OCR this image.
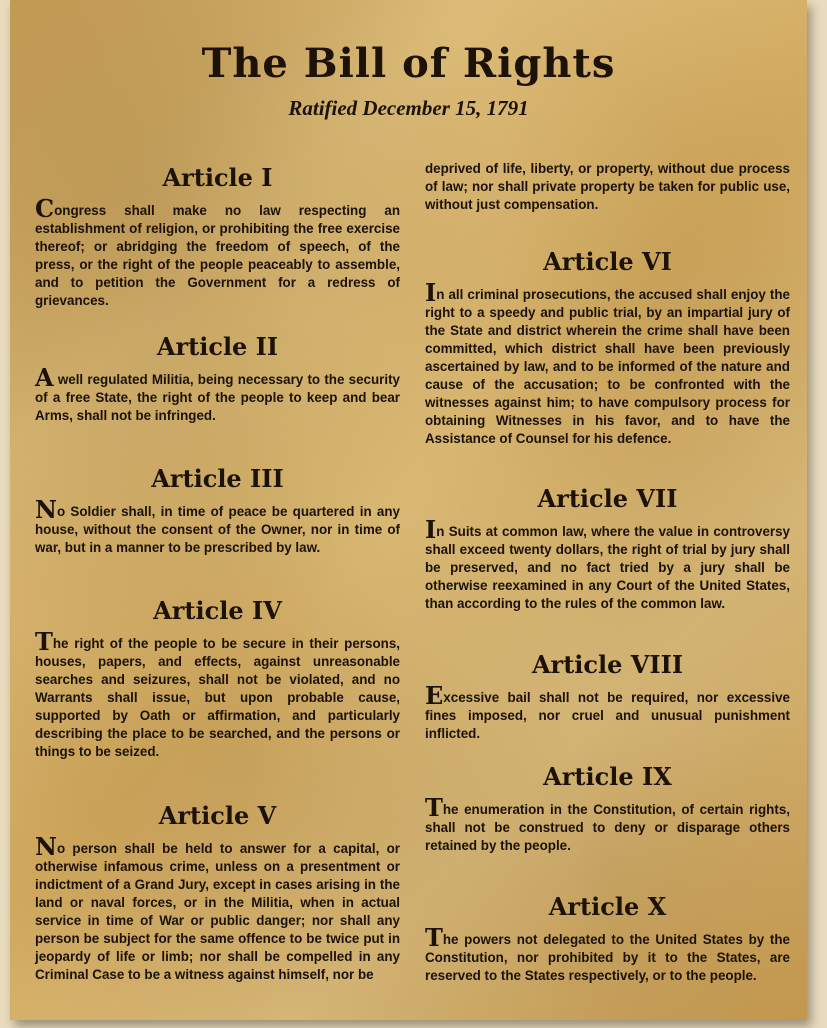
The Bill of Rights

Ratified December 15, 1791

Article I

Congress shall make no law respecting an establishment of religion, or prohibiting the free exercise thereof; or abridging the freedom of speech, of the press, or the right of the people peaceably to assemble, and to petition the Government for a redress of grievances.

Article II

A well regulated Militia, being necessary to the security of a free State, the right of the people to keep and bear Arms, shall not be infringed.

Article III

No Soldier shall, in time of peace be quartered in any house, without the consent of the Owner, nor in time of war, but in a manner to be prescribed by law.

Article IV

The right of the people to be secure in their persons, houses, papers, and effects, against unreasonable searches and seizures, shall not be violated, and no Warrants shall issue, but upon probable cause, supported by Oath or affirmation, and particularly describing the place to be searched, and the persons or things to be seized.

Article V

No person shall be held to answer for a capital, or otherwise infamous crime, unless on a presentment or indictment of a Grand Jury, except in cases arising in the land or naval forces, or in the Militia, when in actual service in time of War or public danger; nor shall any person be subject for the same offence to be twice put in jeopardy of life or limb; nor shall be compelled in any Criminal Case to be a witness against himself, nor be

deprived of life, liberty, or property, without due process of law; nor shall private property be taken for public use, without just compensation.

Article VI

In all criminal prosecutions, the accused shall enjoy the right to a speedy and public trial, by an impartial jury of the State and district wherein the crime shall have been committed, which district shall have been previously ascertained by law, and to be informed of the nature and cause of the accusation; to be confronted with the witnesses against him; to have compulsory process for obtaining Witnesses in his favor, and to have the Assistance of Counsel for his defence.

Article VII

In Suits at common law, where the value in controversy shall exceed twenty dollars, the right of trial by jury shall be preserved, and no fact tried by a jury shall be otherwise reexamined in any Court of the United States, than according to the rules of the common law.

Article VIII

Excessive bail shall not be required, nor excessive fines imposed, nor cruel and unusual punishment inflicted.

Article IX

The enumeration in the Constitution, of certain rights, shall not be construed to deny or disparage others retained by the people.

Article X

The powers not delegated to the United States by the Constitution, nor prohibited by it to the States, are reserved to the States respectively, or to the people.
